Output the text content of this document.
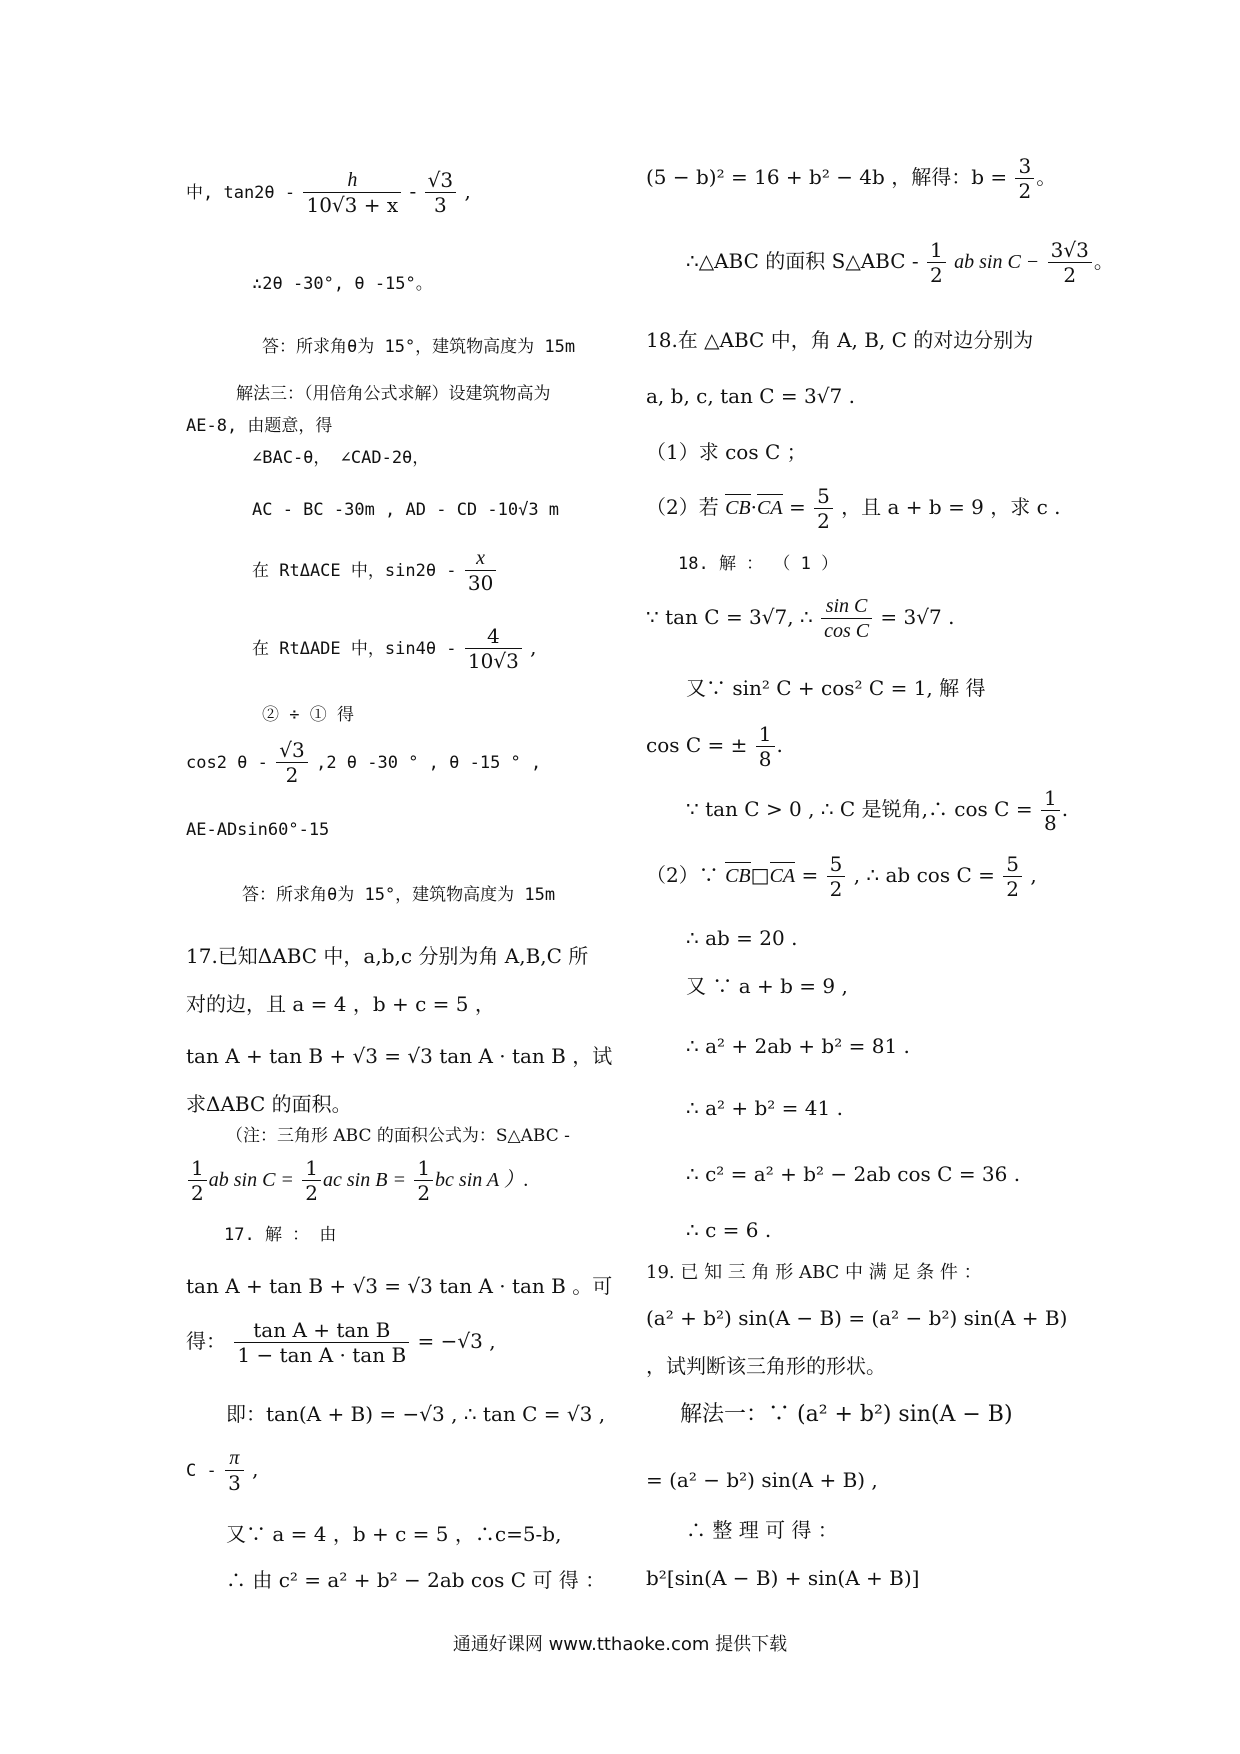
中, $\tan 2\theta - \frac{h}{10√3 + x} - \frac{√3}{3}$ ,
∴2θ -30°, θ -15°。
答：所求角θ为 15°，建筑物高度为 15m
解法三：（用倍角公式求解）设建筑物高为
AE-8, 由题意，得
∠BAC-θ， ∠CAD-2θ，
AC - BC -30m , AD - CD -10√3 m
在 RtΔACE 中，$\sin 2\theta - \frac{x}{30}$
在 RtΔADE 中，$\sin 4\theta - \frac{4}{10√3}$ ,
② ÷ ① 得
cos2 θ - $\frac{√3}{2} ,2$ θ -30 ° , θ -15 ° ,
AE-ADsin60°-15
答：所求角θ为 15°，建筑物高度为 15m
17.已知ΔABC 中，a,b,c 分别为角 A,B,C 所
对的边，且 a = 4 ，b + c = 5 ，
tan A + tan B + √3 = √3 tan A · tan B ，试
求ΔABC 的面积。
（注：三角形 ABC 的面积公式为：S△ABC -
$\frac{1}{2}$ ab $\sin C = \frac{1}{2}$ ac $\sin B = \frac{1}{2}$ bc sin A ）.
17. 解 ： 由
tan A + tan B + √3 = √3 tan A · tan B 。可
得： $\frac{\text{tan A + tan B}}{\text{1 − tan A · tan B}} = -√3$ ,
即：tan(A + B) = −√3 , ∴ tan C = √3 ,
C - $\frac{\pi}{3}$ ,
又∵ a = 4 ，b + c = 5 ，∴c=5-b,
∴ 由 c² = a² + b² − 2ab cos C 可 得 ：
(5 − b)² = 16 + b² − 4b ，解得：$b = \frac{3}{2}$ 。
∴△ABC 的面积 S△ABC - $\frac{1}{2}$ ab $\sin C - \frac{3√3}{2}$ 。
18.在 △ABC 中，角 A, B, C 的对边分别为
a, b, c, tan C = 3√7 .
（1）求 cos C ；
（2）若 $CB\cdot CA = \frac{5}{2}$ ，且 a + b = 9 ，求 c .
18. 解 ： （ 1 ）
∵ tan C = 3√7, ∴ $\frac{\text{sin C}}{\text{cos C}} = 3√7$ .
又∵ sin² C + cos² C = 1, 解 得
cos C = ± $\frac{1}{8}$ .
∵ tan C > 0 , ∴ C 是锐角,∴ $\cos C = \frac{1}{8}$ .
（2）∵ CB□CA = $\frac{5}{2}$ , ∴ ab $\cos C = \frac{5}{2}$ ,
∴ ab = 20 .
又 ∵ a + b = 9 ,
∴ a² + 2ab + b² = 81 .
∴ a² + b² = 41 .
∴ c² = a² + b² − 2ab cos C = 36 .
∴ c = 6 .
19. 已 知 三 角 形 ABC 中 满 足 条 件 ：
(a² + b²) sin(A − B) = (a² − b²) sin(A + B)
，试判断该三角形的形状。
解法一：∵ (a² + b²) sin(A − B)
= (a² − b²) sin(A + B) ,
∴ 整 理 可 得 ：
b²[sin(A − B) + sin(A + B)]
通通好课网 www.tthaoke.com 提供下载
